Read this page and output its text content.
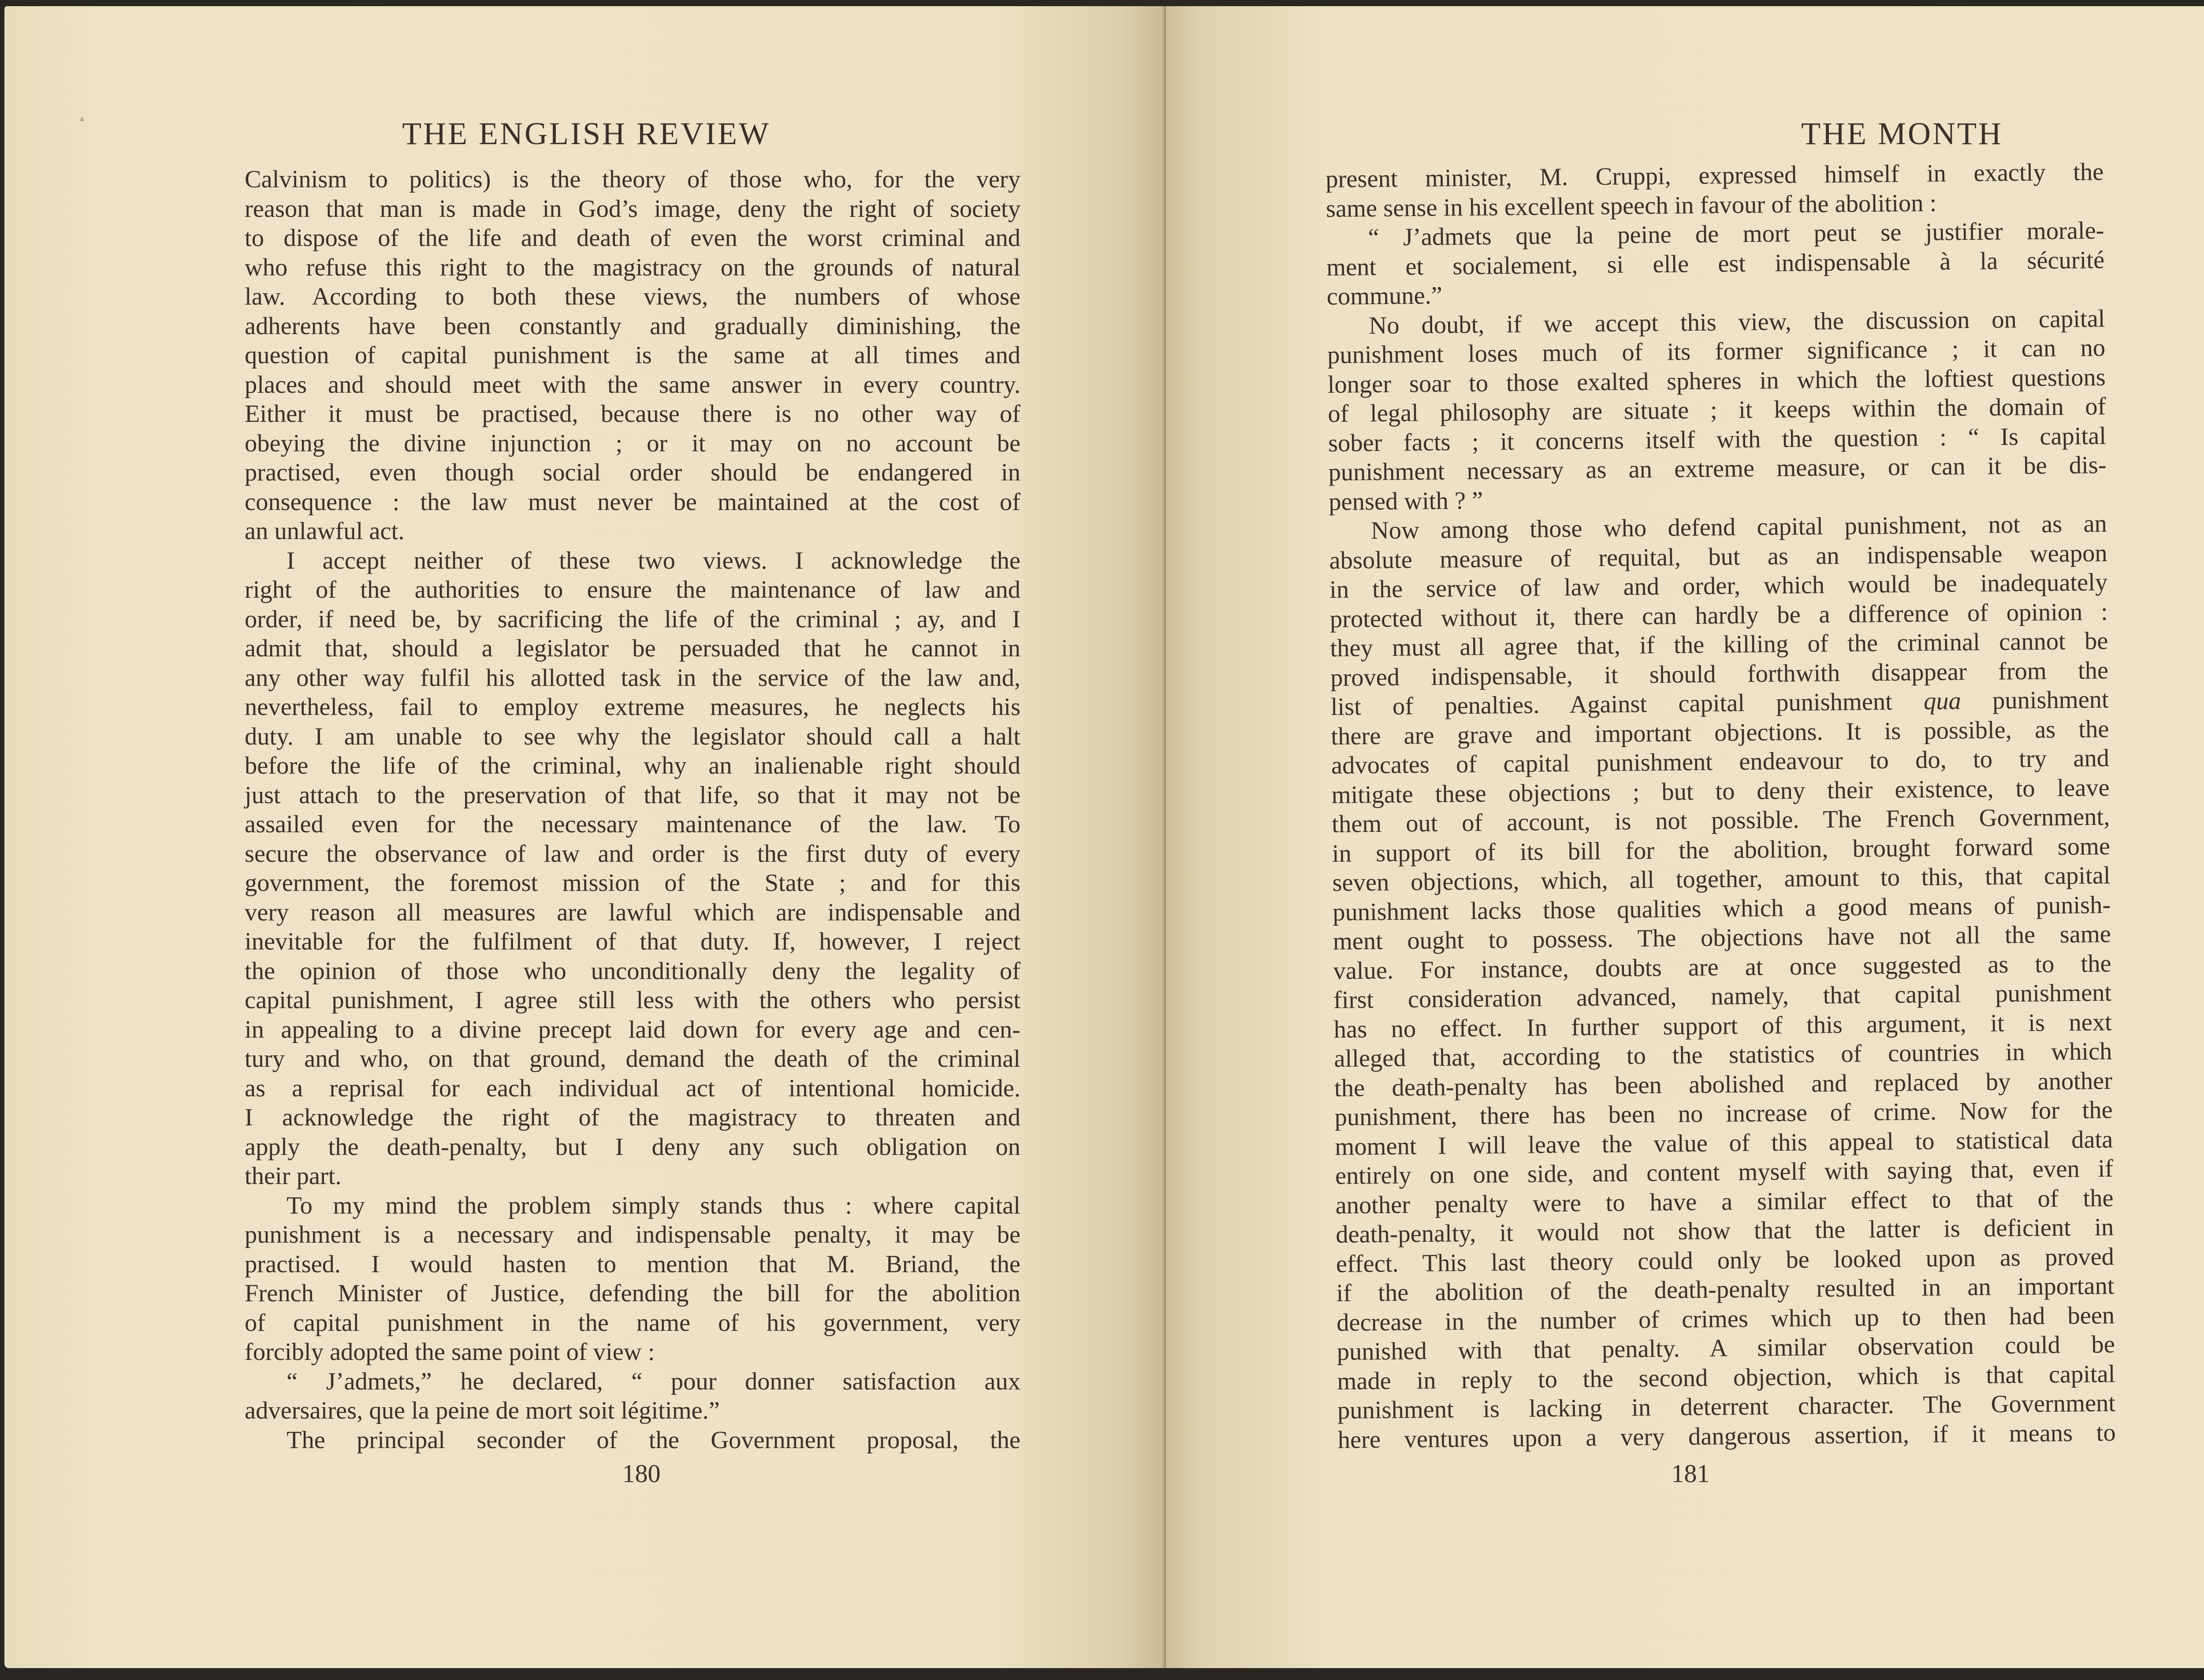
ₐ
THE ENGLISH REVIEW
Calvinism to politics) is the theory of those who, for the very
reason that man is made in God’s image, deny the right of society
to dispose of the life and death of even the worst criminal and
who refuse this right to the magistracy on the grounds of natural
law. According to both these views, the numbers of whose
adherents have been constantly and gradually diminishing, the
question of capital punishment is the same at all times and
places and should meet with the same answer in every country.
Either it must be practised, because there is no other way of
obeying the divine injunction ; or it may on no account be
practised, even though social order should be endangered in
consequence : the law must never be maintained at the cost of
an unlawful act.
I accept neither of these two views. I acknowledge the
right of the authorities to ensure the maintenance of law and
order, if need be, by sacrificing the life of the criminal ; ay, and I
admit that, should a legislator be persuaded that he cannot in
any other way fulfil his allotted task in the service of the law and,
nevertheless, fail to employ extreme measures, he neglects his
duty. I am unable to see why the legislator should call a halt
before the life of the criminal, why an inalienable right should
just attach to the preservation of that life, so that it may not be
assailed even for the necessary maintenance of the law. To
secure the observance of law and order is the first duty of every
government, the foremost mission of the State ; and for this
very reason all measures are lawful which are indispensable and
inevitable for the fulfilment of that duty. If, however, I reject
the opinion of those who unconditionally deny the legality of
capital punishment, I agree still less with the others who persist
in appealing to a divine precept laid down for every age and cen-
tury and who, on that ground, demand the death of the criminal
as a reprisal for each individual act of intentional homicide.
I acknowledge the right of the magistracy to threaten and
apply the death-penalty, but I deny any such obligation on
their part.
To my mind the problem simply stands thus : where capital
punishment is a necessary and indispensable penalty, it may be
practised. I would hasten to mention that M. Briand, the
French Minister of Justice, defending the bill for the abolition
of capital punishment in the name of his government, very
forcibly adopted the same point of view :
“ J’admets,” he declared, “ pour donner satisfaction aux
adversaires, que la peine de mort soit légitime.”
The principal seconder of the Government proposal, the
180
THE MONTH
present minister, M. Cruppi, expressed himself in exactly the
same sense in his excellent speech in favour of the abolition :
“ J’admets que la peine de mort peut se justifier morale-
ment et socialement, si elle est indispensable à la sécurité
commune.”
No doubt, if we accept this view, the discussion on capital
punishment loses much of its former significance ; it can no
longer soar to those exalted spheres in which the loftiest questions
of legal philosophy are situate ; it keeps within the domain of
sober facts ; it concerns itself with the question : “ Is capital
punishment necessary as an extreme measure, or can it be dis-
pensed with ? ”
Now among those who defend capital punishment, not as an
absolute measure of requital, but as an indispensable weapon
in the service of law and order, which would be inadequately
protected without it, there can hardly be a difference of opinion :
they must all agree that, if the killing of the criminal cannot be
proved indispensable, it should forthwith disappear from the
list of penalties. Against capital punishment qua punishment
there are grave and important objections. It is possible, as the
advocates of capital punishment endeavour to do, to try and
mitigate these objections ; but to deny their existence, to leave
them out of account, is not possible. The French Government,
in support of its bill for the abolition, brought forward some
seven objections, which, all together, amount to this, that capital
punishment lacks those qualities which a good means of punish-
ment ought to possess. The objections have not all the same
value. For instance, doubts are at once suggested as to the
first consideration advanced, namely, that capital punishment
has no effect. In further support of this argument, it is next
alleged that, according to the statistics of countries in which
the death-penalty has been abolished and replaced by another
punishment, there has been no increase of crime. Now for the
moment I will leave the value of this appeal to statistical data
entirely on one side, and content myself with saying that, even if
another penalty were to have a similar effect to that of the
death-penalty, it would not show that the latter is deficient in
effect. This last theory could only be looked upon as proved
if the abolition of the death-penalty resulted in an important
decrease in the number of crimes which up to then had been
punished with that penalty. A similar observation could be
made in reply to the second objection, which is that capital
punishment is lacking in deterrent character. The Government
here ventures upon a very dangerous assertion, if it means to
181
